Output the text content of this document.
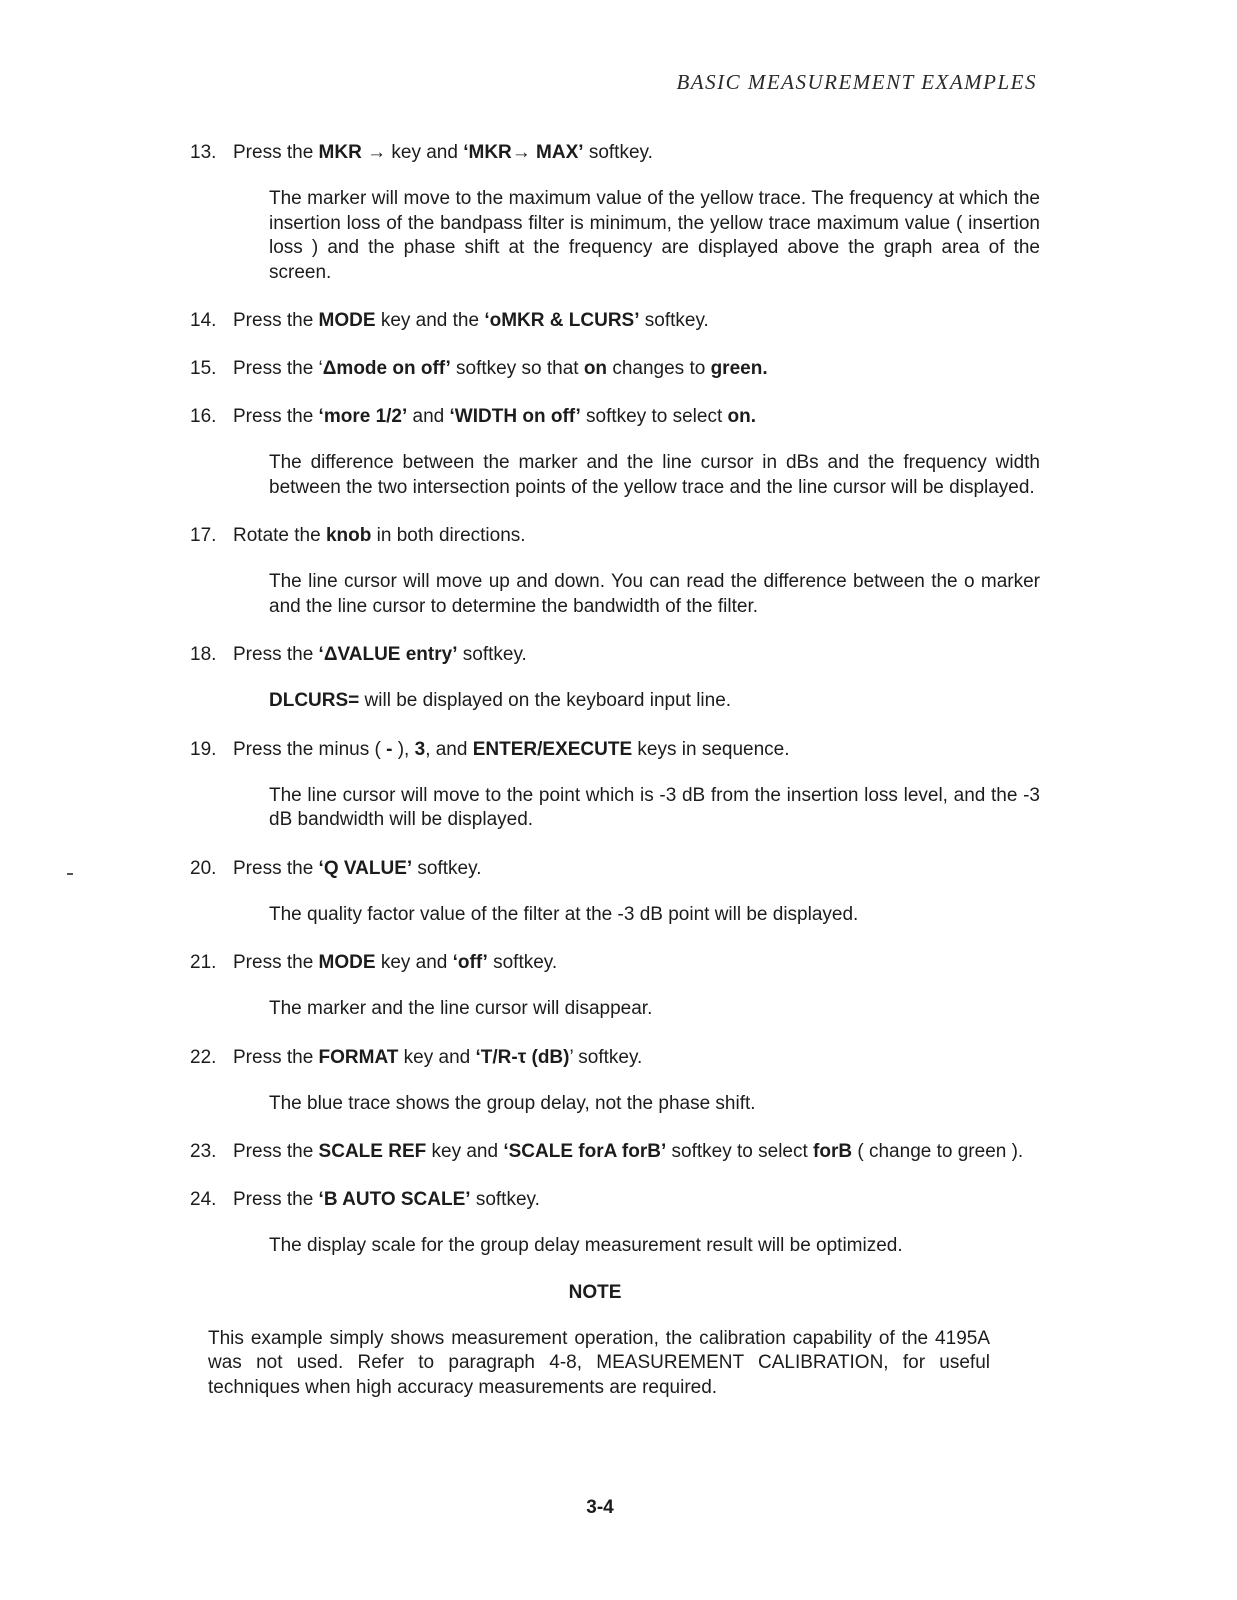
BASIC MEASUREMENT EXAMPLES
13. Press the MKR → key and ‘MKR→ MAX’ softkey.
The marker will move to the maximum value of the yellow trace. The frequency at which the insertion loss of the bandpass filter is minimum, the yellow trace maximum value ( insertion loss ) and the phase shift at the frequency are displayed above the graph area of the screen.
14. Press the MODE key and the ‘oMKR & LCURS’ softkey.
15. Press the ‘Δmode on off’ softkey so that on changes to green.
16. Press the ‘more 1/2’ and ‘WIDTH on off’ softkey to select on.
The difference between the marker and the line cursor in dBs and the frequency width between the two intersection points of the yellow trace and the line cursor will be displayed.
17. Rotate the knob in both directions.
The line cursor will move up and down. You can read the difference between the o marker and the line cursor to determine the bandwidth of the filter.
18. Press the ‘ΔVALUE entry’ softkey.
DLCURS= will be displayed on the keyboard input line.
19. Press the minus ( - ), 3, and ENTER/EXECUTE keys in sequence.
The line cursor will move to the point which is -3 dB from the insertion loss level, and the -3 dB bandwidth will be displayed.
20. Press the ‘Q VALUE’ softkey.
The quality factor value of the filter at the -3 dB point will be displayed.
21. Press the MODE key and ‘off’ softkey.
The marker and the line cursor will disappear.
22. Press the FORMAT key and ‘T/R-τ (dB)’ softkey.
The blue trace shows the group delay, not the phase shift.
23. Press the SCALE REF key and ‘SCALE forA forB’ softkey to select forB ( change to green ).
24. Press the ‘B AUTO SCALE’ softkey.
The display scale for the group delay measurement result will be optimized.
NOTE
This example simply shows measurement operation, the calibration capability of the 4195A was not used. Refer to paragraph 4-8, MEASUREMENT CALIBRATION, for useful techniques when high accuracy measurements are required.
3-4
